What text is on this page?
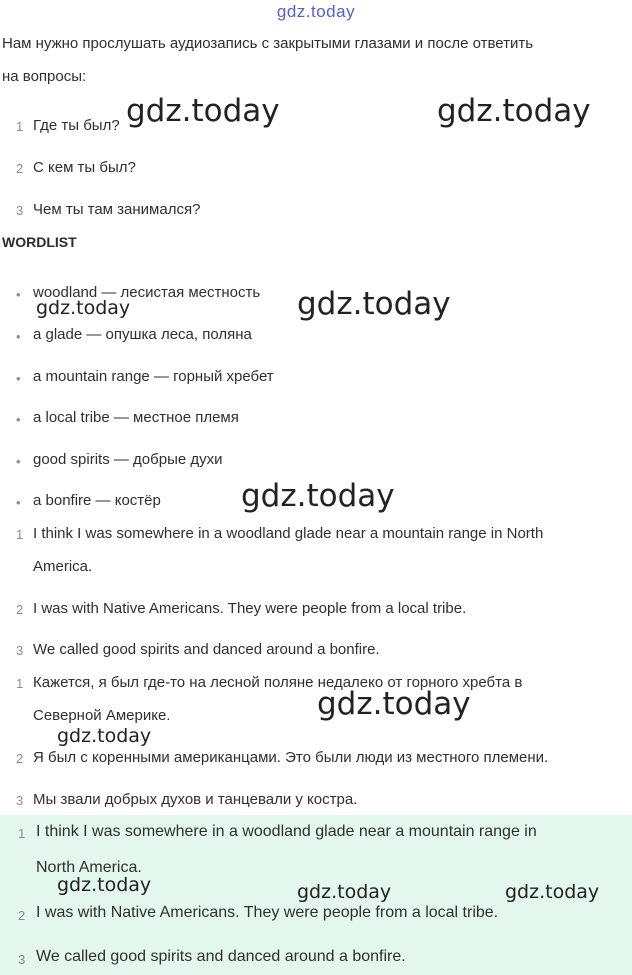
gdz.today
Нам нужно прослушать аудиозапись с закрытыми глазами и после ответить
на вопросы:
1 Где ты был?
2 С кем ты был?
3 Чем ты там занимался?
WORDLIST
• woodland — лесистая местность
• a glade — опушка леса, поляна
• a mountain range — горный хребет
• a local tribe — местное племя
• good spirits — добрые духи
• a bonfire — костёр
1 I think I was somewhere in a woodland glade near a mountain range in North
America.
2 I was with Native Americans. They were people from a local tribe.
3 We called good spirits and danced around a bonfire.
1 Кажется, я был где-то на лесной поляне недалеко от горного хребта в
Северной Америке.
2 Я был с коренными американцами. Это были люди из местного племени.
3 Мы звали добрых духов и танцевали у костра.
1 I think I was somewhere in a woodland glade near a mountain range in
North America.
2 I was with Native Americans. They were people from a local tribe.
3 We called good spirits and danced around a bonfire.
gdz.today	gdz.today
gdz.today
gdz.today
gdz.today
gdz.today
gdz.today
gdz.today	gdz.today	gdz.today
